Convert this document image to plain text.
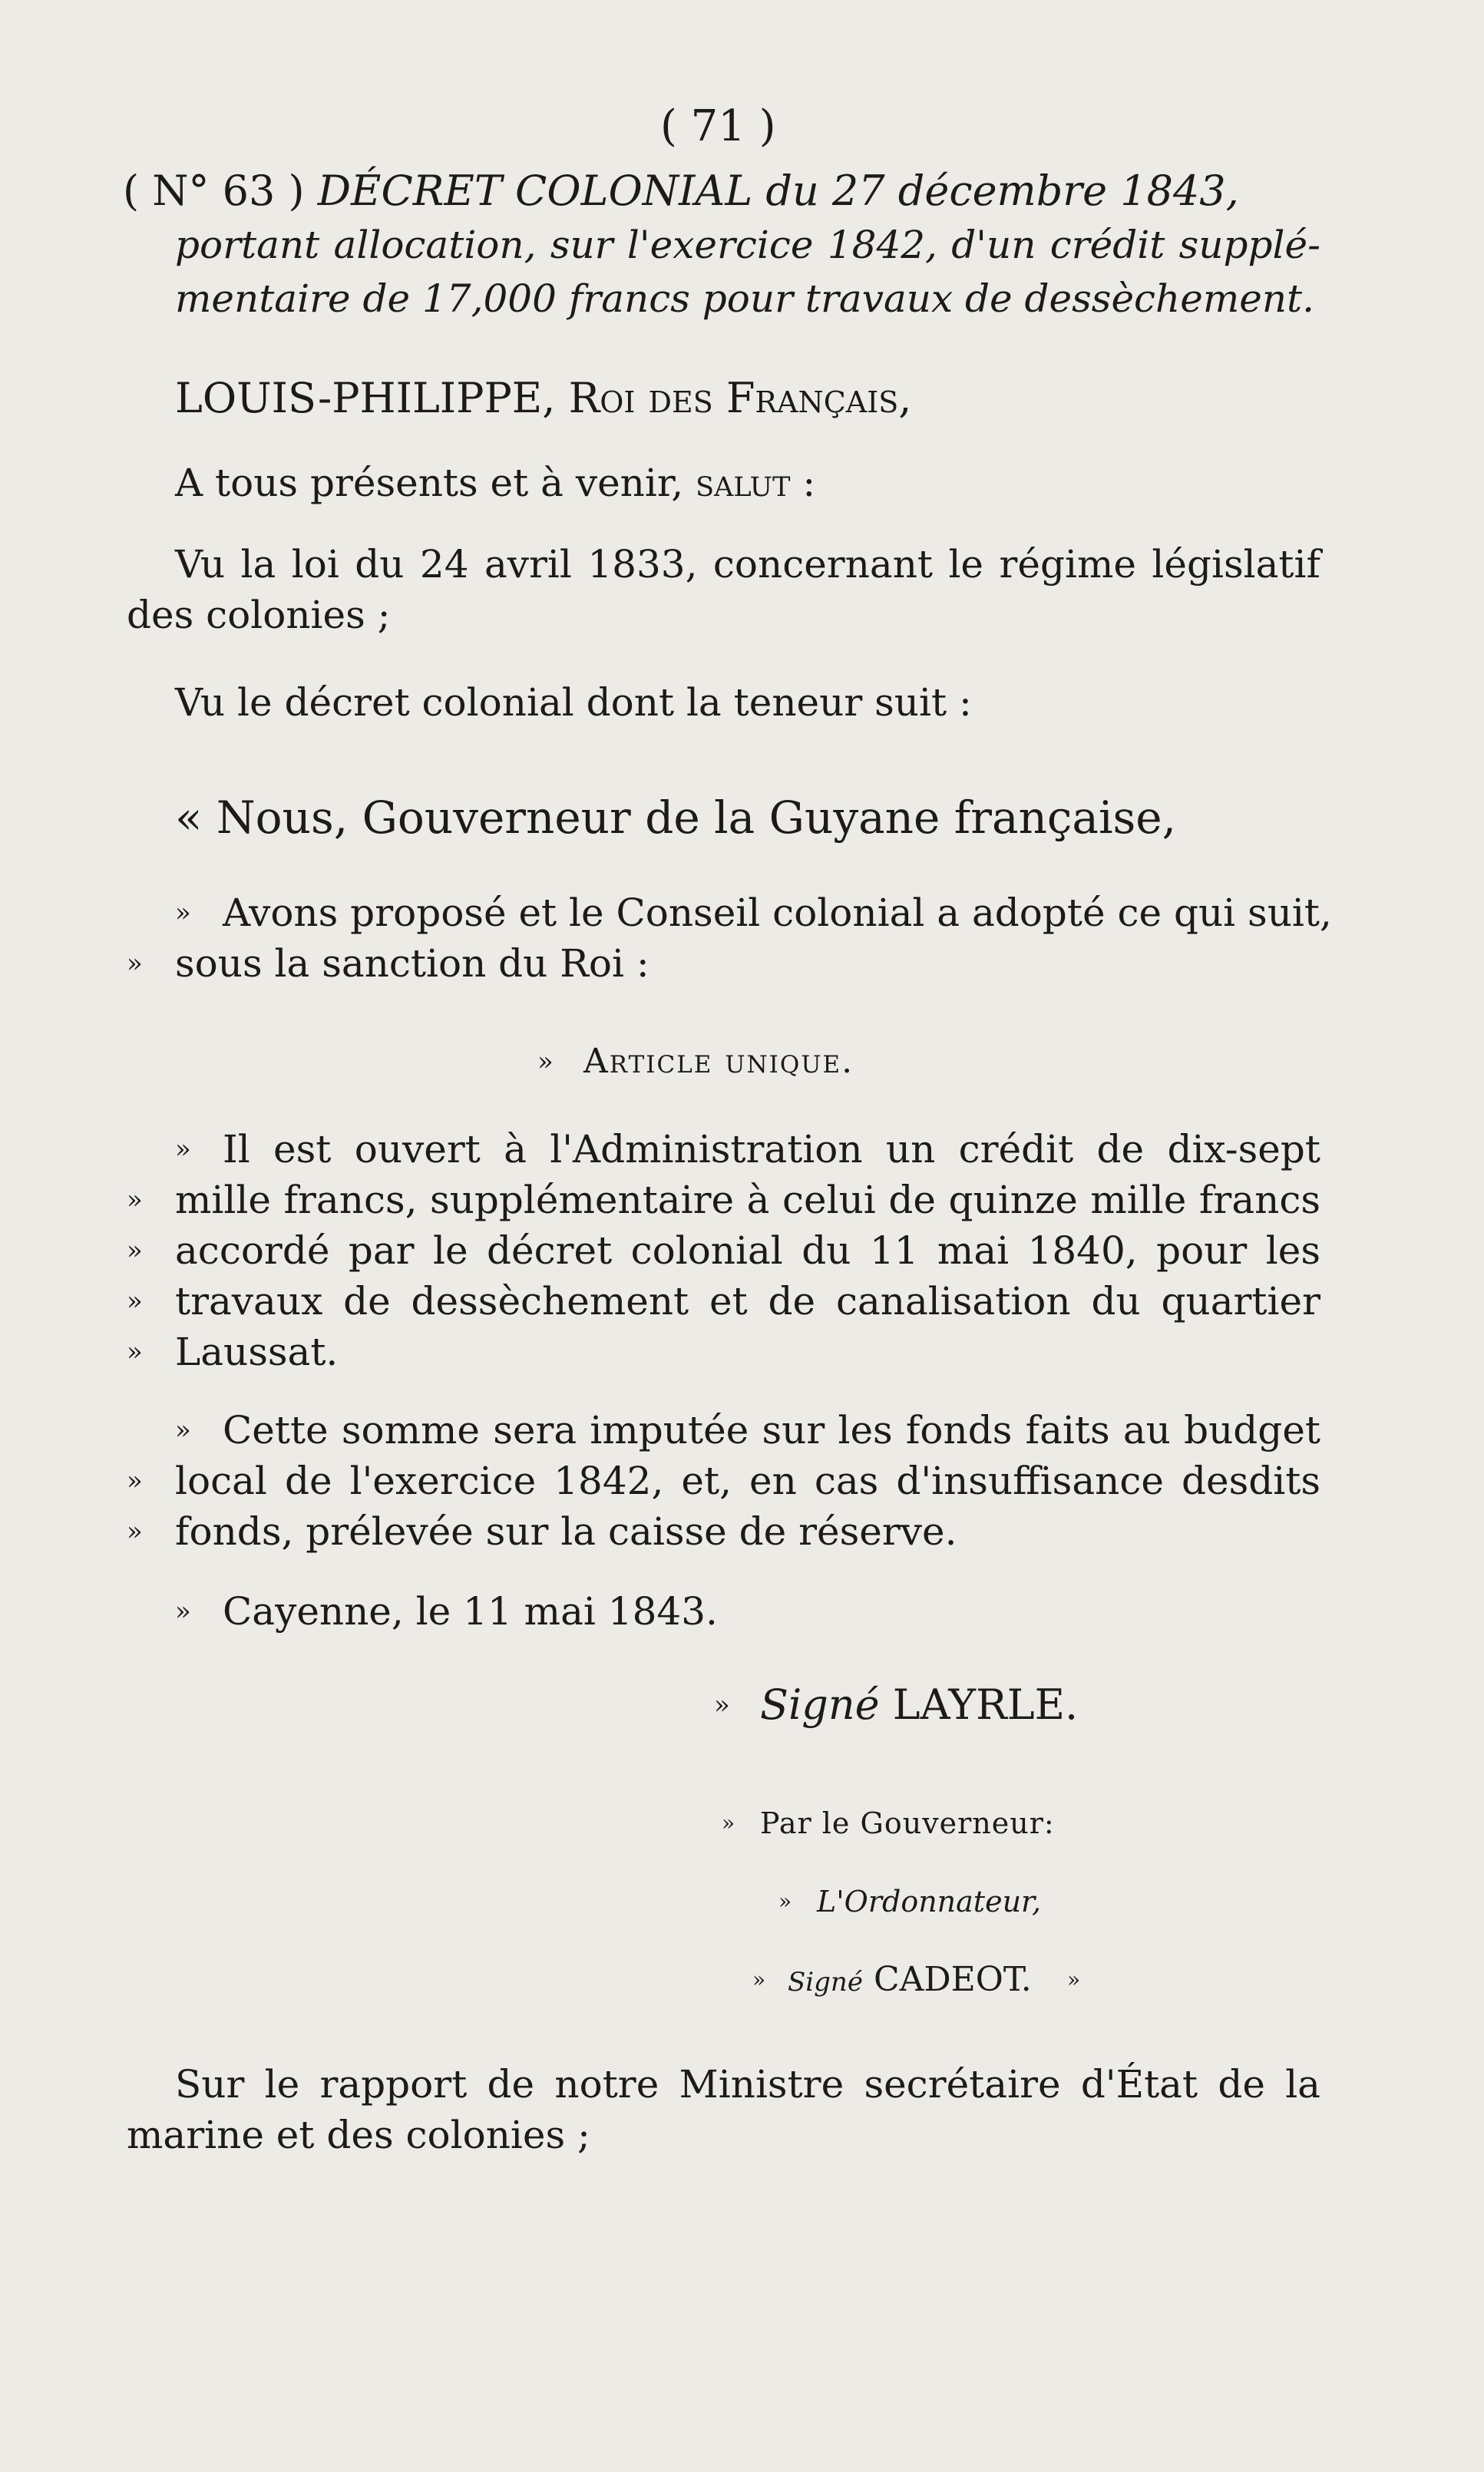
( 71 )

( N° 63 ) DÉCRET COLONIAL du 27 décembre 1843,

portant allocation, sur l'exercice 1842, d'un crédit supplé-

mentaire de 17,000 francs pour travaux de dessèchement.

LOUIS-PHILIPPE, Roi des Français,

A tous présents et à venir, salut :

Vu la loi du 24 avril 1833, concernant le régime législatif

des colonies ;

Vu le décret colonial dont la teneur suit :

« Nous, Gouverneur de la Guyane française,

» Avons proposé et le Conseil colonial a adopté ce qui suit,

» sous la sanction du Roi :

» Article unique.

» Il est ouvert à l'Administration un crédit de dix-sept

» mille francs, supplémentaire à celui de quinze mille francs

» accordé par le décret colonial du 11 mai 1840, pour les

» travaux de dessèchement et de canalisation du quartier

» Laussat.

» Cette somme sera imputée sur les fonds faits au budget

» local de l'exercice 1842, et, en cas d'insuffisance desdits

» fonds, prélevée sur la caisse de réserve.

» Cayenne, le 11 mai 1843.

» Signé LAYRLE.

» Par le Gouverneur:

» L'Ordonnateur,

» Signé CADEOT. »

Sur le rapport de notre Ministre secrétaire d'État de la

marine et des colonies ;
